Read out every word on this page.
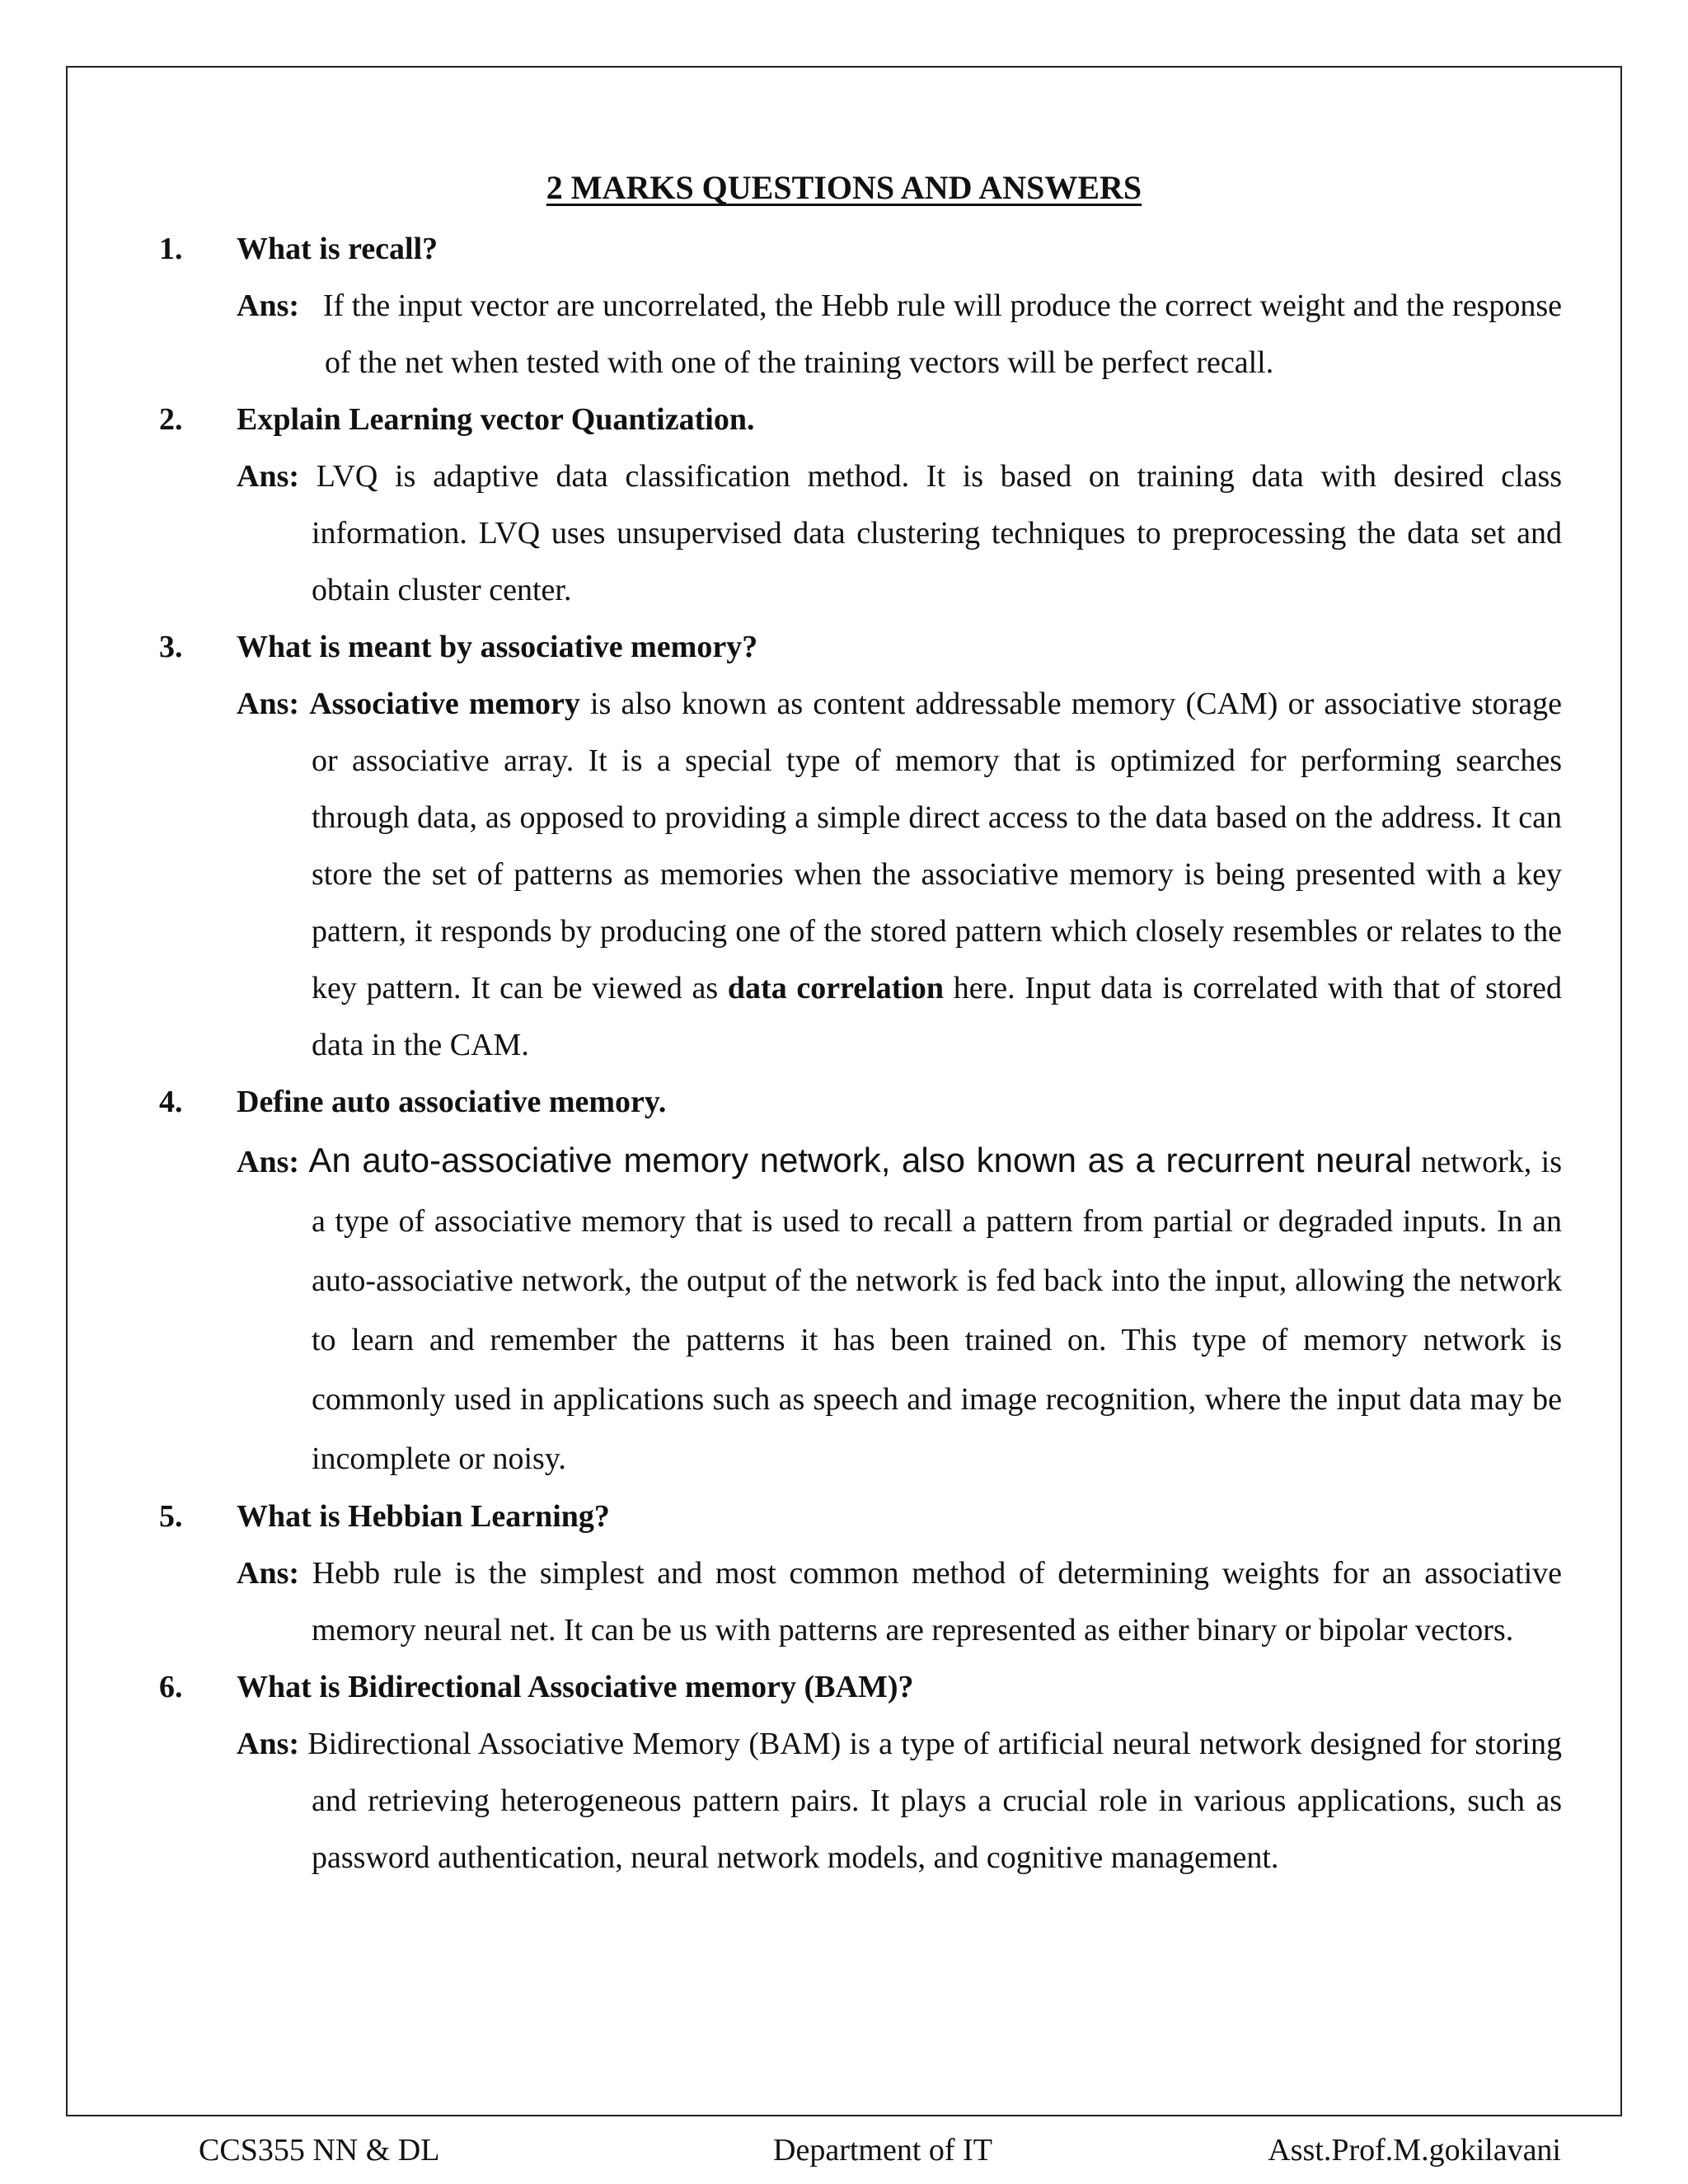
2 MARKS QUESTIONS AND ANSWERS
1. What is recall?
Ans: If the input vector are uncorrelated, the Hebb rule will produce the correct weight and the response of the net when tested with one of the training vectors will be perfect recall.
2. Explain Learning vector Quantization.
Ans: LVQ is adaptive data classification method. It is based on training data with desired class information. LVQ uses unsupervised data clustering techniques to preprocessing the data set and obtain cluster center.
3. What is meant by associative memory?
Ans: Associative memory is also known as content addressable memory (CAM) or associative storage or associative array. It is a special type of memory that is optimized for performing searches through data, as opposed to providing a simple direct access to the data based on the address. It can store the set of patterns as memories when the associative memory is being presented with a key pattern, it responds by producing one of the stored pattern which closely resembles or relates to the key pattern. It can be viewed as data correlation here. Input data is correlated with that of stored data in the CAM.
4. Define auto associative memory.
Ans: An auto-associative memory network, also known as a recurrent neural network, is a type of associative memory that is used to recall a pattern from partial or degraded inputs. In an auto-associative network, the output of the network is fed back into the input, allowing the network to learn and remember the patterns it has been trained on. This type of memory network is commonly used in applications such as speech and image recognition, where the input data may be incomplete or noisy.
5. What is Hebbian Learning?
Ans: Hebb rule is the simplest and most common method of determining weights for an associative memory neural net. It can be us with patterns are represented as either binary or bipolar vectors.
6. What is Bidirectional Associative memory (BAM)?
Ans: Bidirectional Associative Memory (BAM) is a type of artificial neural network designed for storing and retrieving heterogeneous pattern pairs. It plays a crucial role in various applications, such as password authentication, neural network models, and cognitive management.
CCS355 NN & DL	Department of IT	Asst.Prof.M.gokilavani
